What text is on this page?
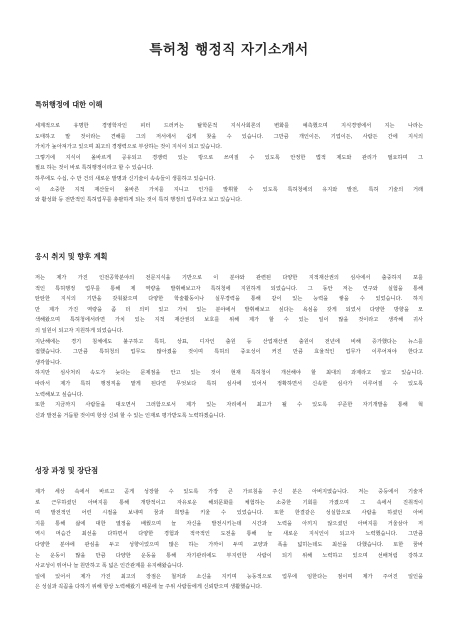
특허청 행정직 자기소개서
특허행정에 대한 이해
세계적으로 유명한 경영학자인 피터 드러커는 탈학문적 지식사회론의 변화를 예측했으며 지식경영에서 지는 나라는
도태하고 말 것이라는 견해를 그의 저서에서 쉽게 찾을 수 있습니다. 그만큼 개인이든, 기업이든, 사람든 간에 지식의
가치가 높아져가고 있으며 최고의 경쟁력으로 부상하는 것이 지식이 되고 있습니다.
그렇기에 지식이 올바르게 공유되고 경쟁력 있는 방으로 쓰여질 수 있도록 안정한 법적 제도와 관리가 필요하며 그
필요 하는 것이 바로 특허행정이라고 할 수 있습니다.
하루에도 수십, 수 만 건의 새로운 발명과 신기술이 속속들이 생를하고 있습니다.
이 소중한 지적 재산들이 올바른 가치를 지니고 인가를 발휘할 수 있도록 특허청에의 유지와 발전, 특허 기술의 거래
와 활성화 등 전반적인 특허업무를 총괄하게 되는 것이 특허 행정의 업무라고 보고 있습니다.
응시 취지 및 향후 계획
저는 제가 가진 인전공학분야의 전문지식을 기반으로 이 분야와 관련된 다양한 지적재산권의 심사에서 출중하지 포를
적인 특허행정 업무를 통해 제 역량을 발휘해보고자 특허청에 지원하게 되었습니다. 그 동안 저는 연구와 실험을 통해
탄탄한 지식의 기반을 갖춰왔으며 다양한 학술활동이나 실무경력을 통해 같이 있는 능력을 쌓을 수 있었습니다. 하지
만 제가 가진 역량을 좀 더 의미 있고 가치 있는 분야에서 발휘해보고 싶다는 욕심을 갖게 되었서 다양한 방향을 모
색해왔으며 특허청에서라면 가치 있는 지적 재산권의 보호를 위해 제가 할 수 있는 일이 많을 것이라고 생각해 귀사
의 일원이 되고자 지원하게 되었습니다.
지난해에는 경기 침체에도 불구하고 특허, 상표, 디자인 출원 등 산업재산권 출원이 전년에 비해 증가했다는 뉴스를
접했습니다. 그만큼 특허청의 업무도 많아졌을 것이며 특허의 중요성이 커진 만큼 효율적인 업무가 이루어져야 한다고
생각합니다.
하지만 심사처리 속도가 늦다는 문제점을 안고 있는 것이 현재 특허청이 개선해야 할 최대의 과제라고 알고 있습니다.
따라서 제가 특허 행정직을 맡게 된다면 무엇보다 특허 심사에 있어서 정확하면서 신속한 심사가 이루어질 수 있도록
노력해보고 싶습니다.
또한 지금까지 사람들을 대오면서 그러함으로서 제가 있는 자리에서 최고가 될 수 있도록 꾸준한 자기개발을 통해 혁
신과 발전을 거듭할 것이며 항상 신뢰 할 수 있는 인재로 평가받도록 노력하겠습니다.
성장 과정 및 장단점
제가 세상 속에서 바르고 곧게 성장할 수 있도록 가장 큰 가르침을 주신 분은 아버지였습니다. 저는 중등에서 기술자
로 근무하셨던 아버지를 통해 개방적이고 자유로운 해외문화를 체험하는 소중한 기회를 가졌으며 그 속에서 진취적이
며 발전적인 어린 시절을 보내며 꿈과 희망을 키울 수 있었습니다. 또한 한결같은 성실함으로 사람을 하셨던 아버
지를 통해 삶에 대한 열정을 배웠으며 늘 자신을 발전시키는데 시간과 노력을 아끼지 않으셨던 아버지를 거울삼아 저
역시 머슴간 최선을 다하면서 다양한 경험과 적극적인 도전을 통해 늘 새로운 지식인이 되고자 노력했습니다. 그만큼
다양한 분야에 관심을 두고 성향이었으며 많은 하는 가까이 두며 교양과 폭을 넓히는데도 최선을 다했습니다. 또한 꿈바
는 운동이 많을 만큼 다양한 운동을 통해 자기관리에도 부지런한 사람이 되기 위해 노력하고 있으며 선배처럼 강하고
사교성이 뛰어나 늘 원만하고 폭 넓은 인간관계를 유지해왔습니다.
일에 있어서 제가 가진 최고의 장점은 철저과 소신을 지키며 능동적으로 업무에 임한다는 점이며 제가 주어진 일인을
은 성실과 꼭꼼을 다하기 위해 항상 노력해왔기 때문에 늘 주위 사람들에게 신뢰받으며 생활했습니다.
